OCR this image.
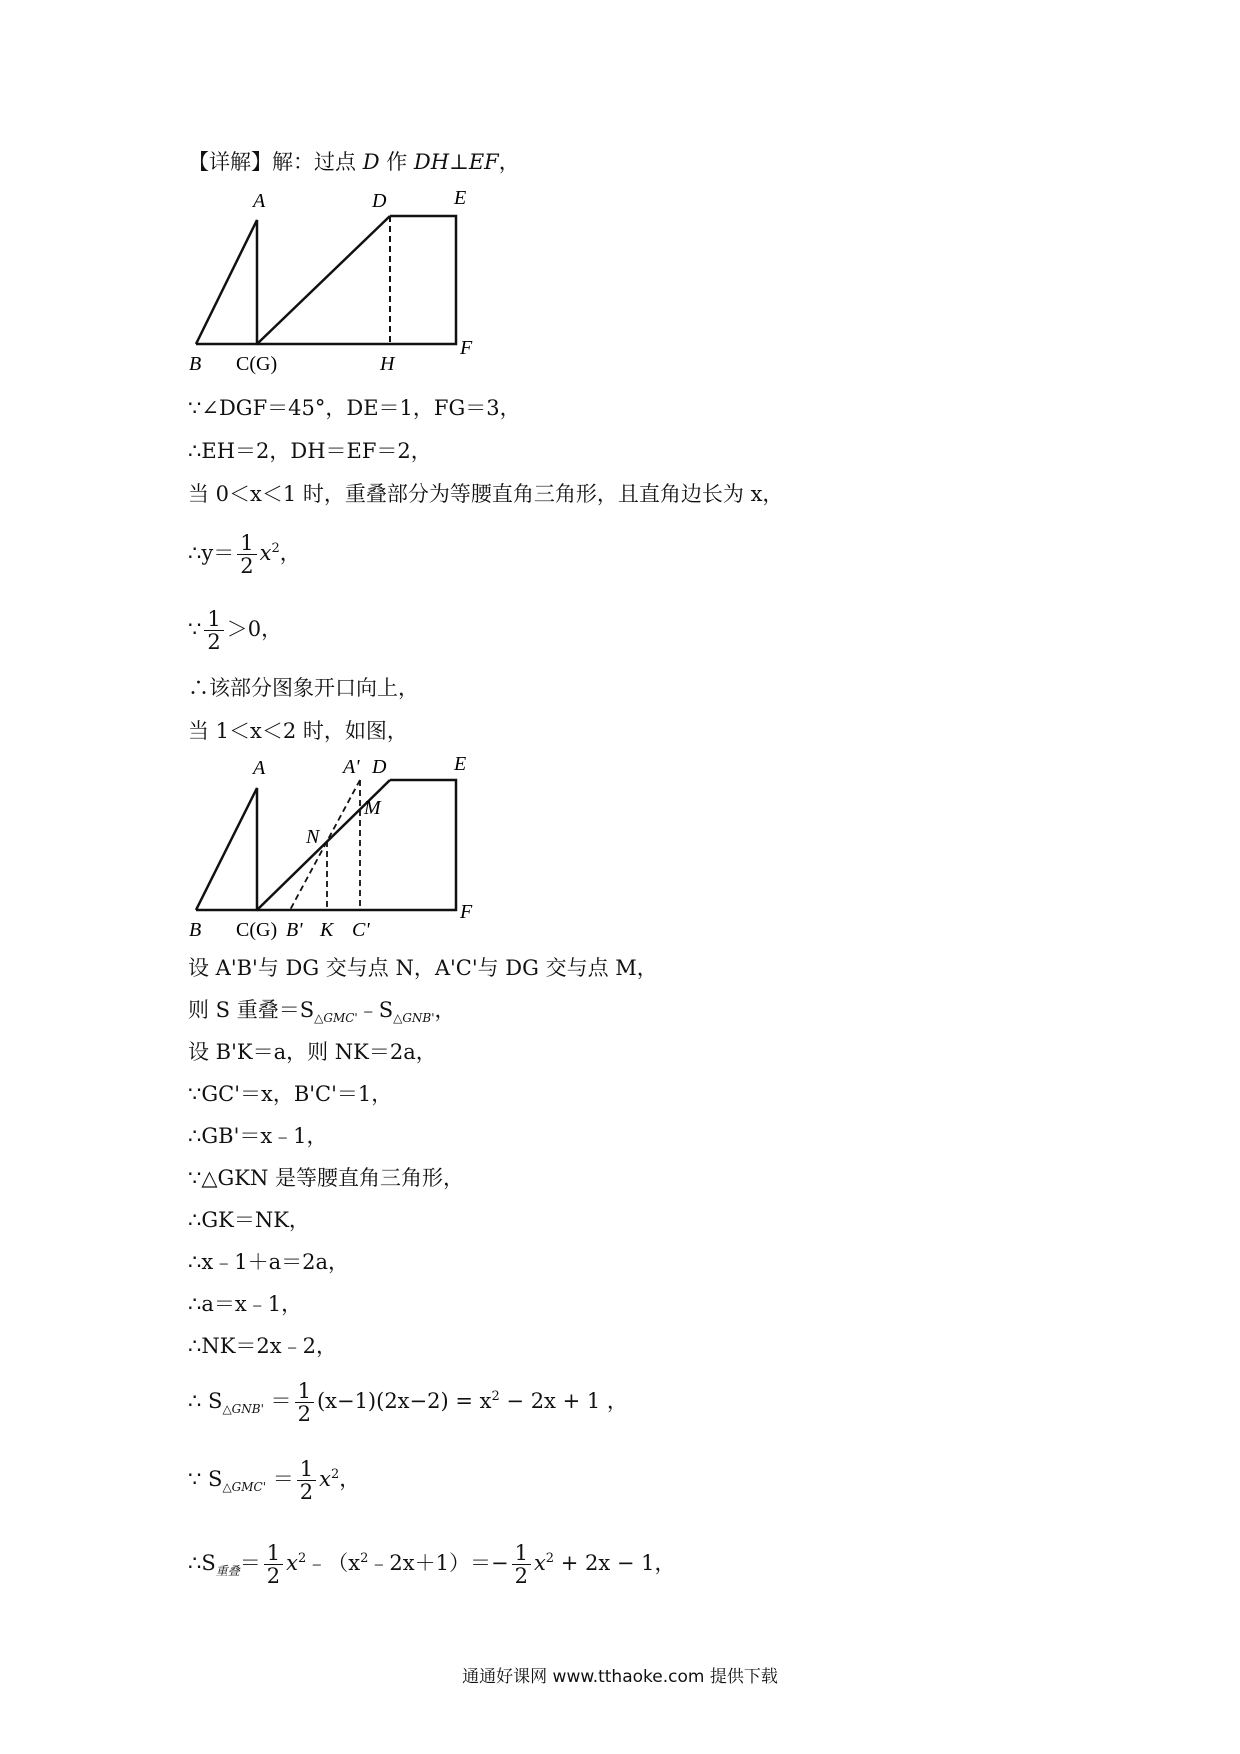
【详解】解：过点 D 作 DH⊥EF，
A
B C(G)
D	E
F
H
∵∠DGF＝45°，DE＝1，FG＝3，
∴EH＝2，DH＝EF＝2，
当 0＜x＜1 时，重叠部分为等腰直角三角形，且直角边长为 x，
∴y＝ $\frac{1}{2} x^2$，
∵ $\frac{1}{2} >0$，
∴该部分图象开口向上，
当 1＜x＜2 时，如图，
A
B C(G) B' K C'
A' D	E
F
M
N
设 A'B'与 DG 交与点 N，A'C'与 DG 交与点 M，
则 S 重叠$=S_{\triangle GMC'}﹣S_{\triangle GNB'}$，
设 B'K＝a，则 NK＝2a，
∵GC'＝x，B'C'＝1，
∴GB'＝x﹣1，
∵△GKN 是等腰直角三角形，
∴GK＝NK，
∴x﹣1＋a＝2a，
∴a＝x﹣1，
∴NK＝2x﹣2，
∴ $S_{\triangle GNB'} = \frac{1}{2} (x-1)(2x-2) = x^2 - 2x + 1$ ，
∵ $S_{\triangle GMC'} = \frac{1}{2} x^2$，
$\therefore S_{重叠}= \frac{1}{2}$ $x^2﹣(x^2﹣2x+1)=- \frac{1}{2} x^2 + 2x - 1$，
通通好课网 www.tthaoke.com 提供下载
